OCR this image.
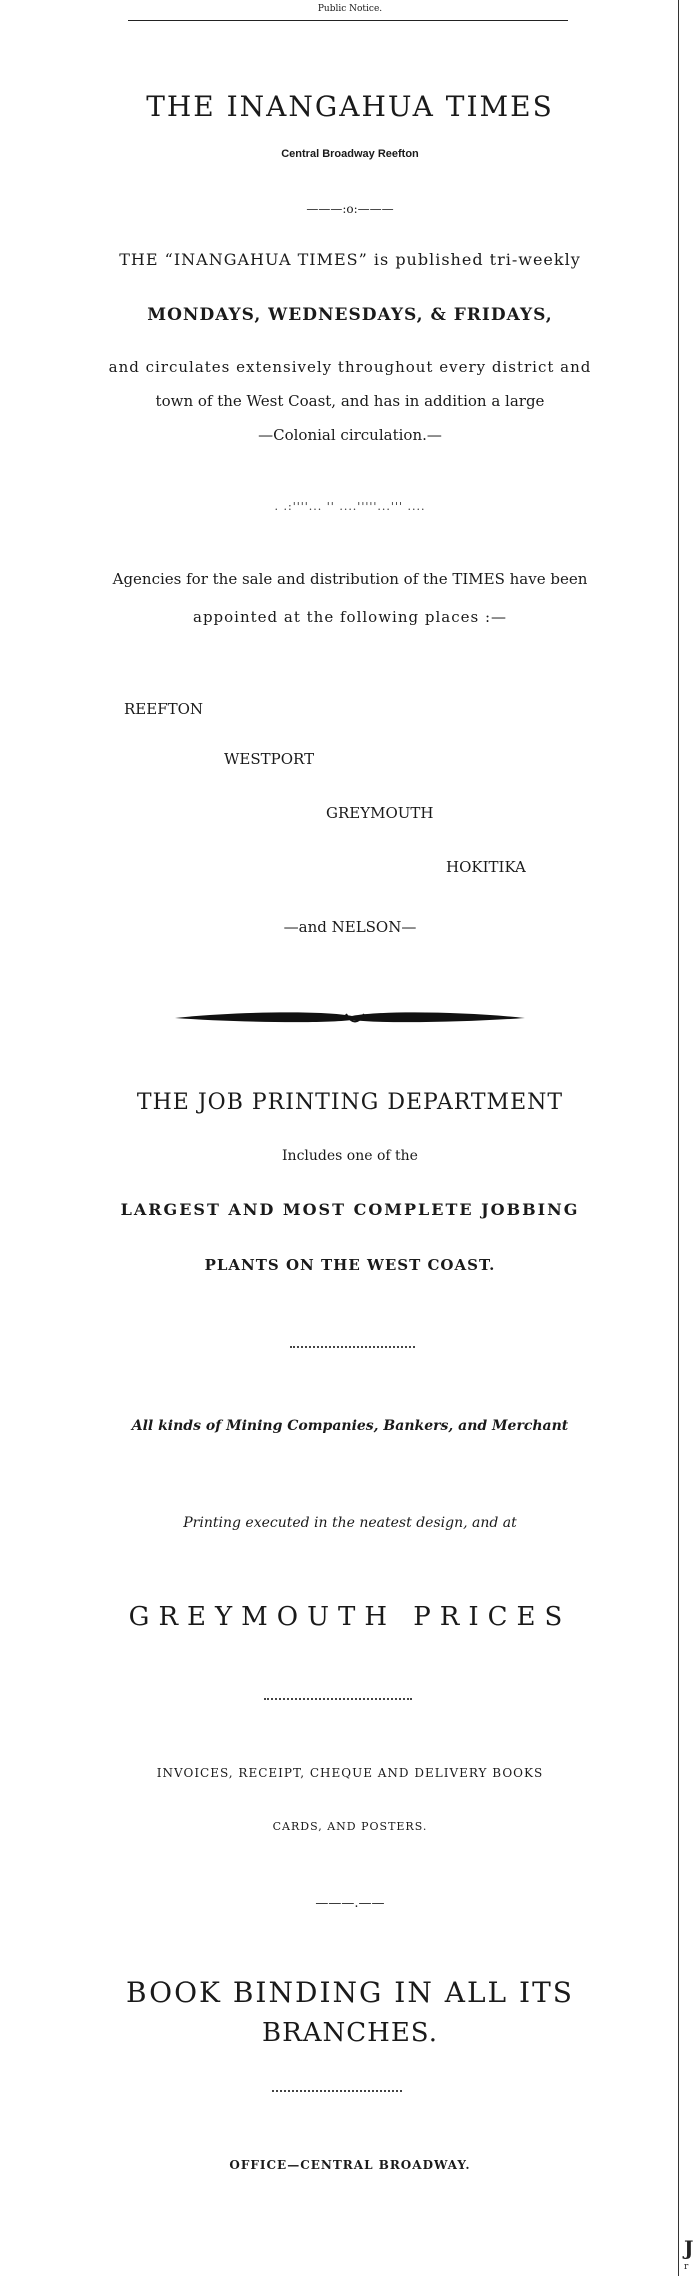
Public Notice.
THE INANGAHUA TIMES
Central Broadway Reefton
———:o:———
THE “INANGAHUA TIMES” is published tri-weekly
MONDAYS, WEDNESDAYS, & FRIDAYS,
and circulates extensively throughout every district and
town of the West Coast, and has in addition a large
—Colonial circulation.—
. .:''''... '' ....'''''...''' ....
Agencies for the sale and distribution of the TIMES have been
appointed at the following places :—
REEFTON
WESTPORT
GREYMOUTH
HOKITIKA
—and NELSON—
THE JOB PRINTING DEPARTMENT
Includes one of the
LARGEST AND MOST COMPLETE JOBBING
PLANTS ON THE WEST COAST.
All kinds of Mining Companies, Bankers, and Merchant
Printing executed in the neatest design, and at
GREYMOUTH PRICES
INVOICES, RECEIPT, CHEQUE AND DELIVERY BOOKS
CARDS, AND POSTERS.
———.——
BOOK BINDING IN ALL ITS
BRANCHES.
OFFICE—CENTRAL BROADWAY.
J
r
